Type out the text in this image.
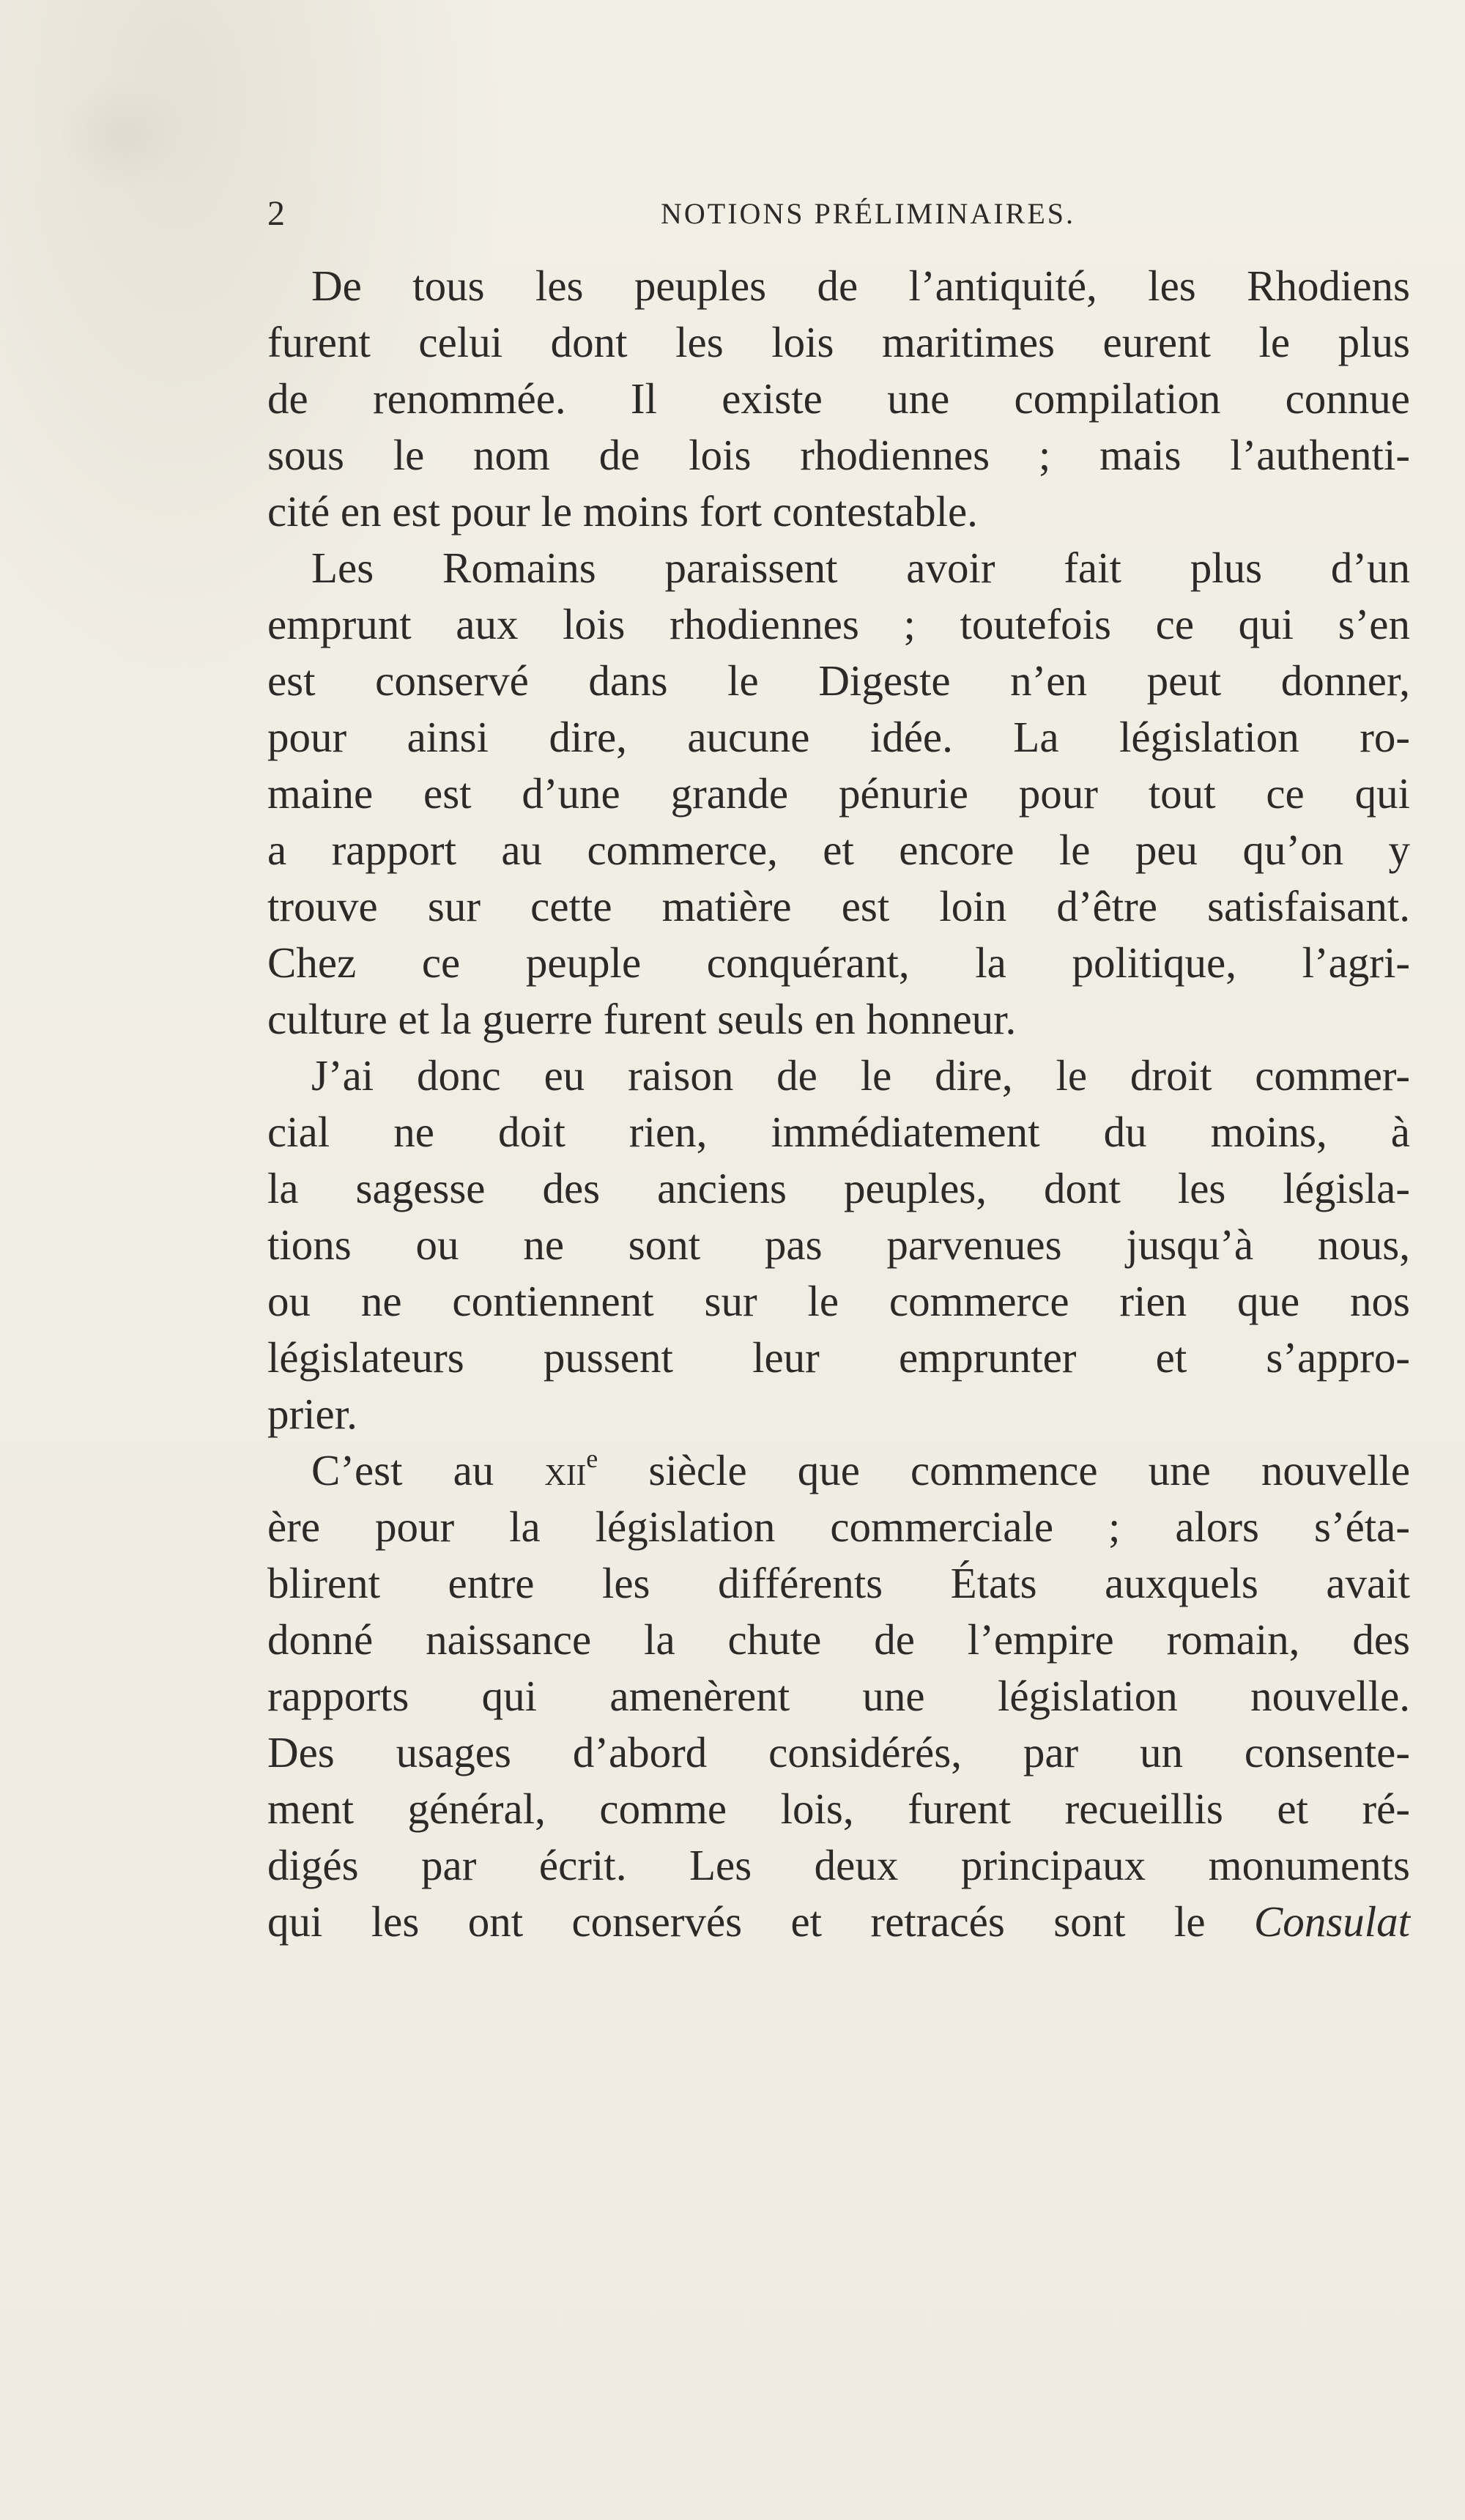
2	NOTIONS PRÉLIMINAIRES.
De tous les peuples de l’antiquité, les Rhodiens
furent celui dont les lois maritimes eurent le plus
de renommée. Il existe une compilation connue
sous le nom de lois rhodiennes ; mais l’authenti-
cité en est pour le moins fort contestable.
Les Romains paraissent avoir fait plus d’un
emprunt aux lois rhodiennes ; toutefois ce qui s’en
est conservé dans le Digeste n’en peut donner,
pour ainsi dire, aucune idée. La législation ro-
maine est d’une grande pénurie pour tout ce qui
a rapport au commerce, et encore le peu qu’on y
trouve sur cette matière est loin d’être satisfaisant.
Chez ce peuple conquérant, la politique, l’agri-
culture et la guerre furent seuls en honneur.
J’ai donc eu raison de le dire, le droit commer-
cial ne doit rien, immédiatement du moins, à
la sagesse des anciens peuples, dont les législa-
tions ou ne sont pas parvenues jusqu’à nous,
ou ne contiennent sur le commerce rien que nos
législateurs pussent leur emprunter et s’appro-
prier.
C’est au xii$^e$ siècle que commence une nouvelle
ère pour la législation commerciale ; alors s’éta-
blirent entre les différents États auxquels avait
donné naissance la chute de l’empire romain, des
rapports qui amenèrent une législation nouvelle.
Des usages d’abord considérés, par un consente-
ment général, comme lois, furent recueillis et ré-
digés par écrit. Les deux principaux monuments
qui les ont conservés et retracés sont le Consulat
